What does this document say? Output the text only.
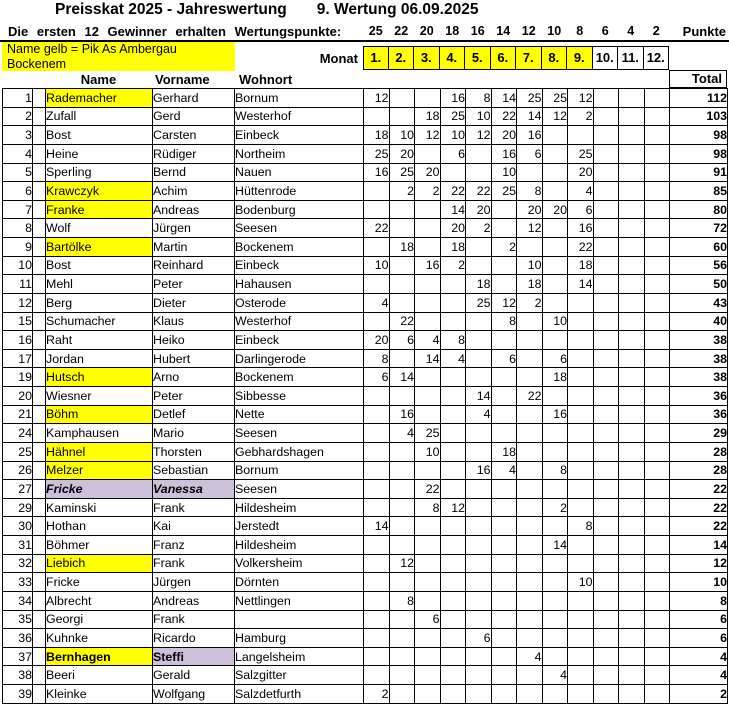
Preisskat 2025 - Jahreswertung 9. Wertung 06.09.2025
Die ersten 12 Gewinner erhalten Wertungspunkte:	25 22 20 18 16 14 12 10	8	6	4	2	Punkte
Name gelb = Pik As Ambergau
Bockenem	Monat 1.	2.	3.	4.	5.	6.	7.	8.	9. 10. 11. 12.
Name	Vorname Wohnort	Total
1		Rademacher	Gerhard	Bornum	12			16	8	14	25	25	12				112
2		Zufall	Gerd	Westerhof			18	25	10	22	14	12	2				103
3		Bost	Carsten	Einbeck	18	10	12	10	12	20	16						98
4		Heine	Rüdiger	Northeim	25	20		6		16	6		25				98
5		Sperling	Bernd	Nauen	16	25	20			10			20				91
6		Krawczyk	Achim	Hüttenrode		2	2	22	22	25	8		4				85
7		Franke	Andreas	Bodenburg				14	20		20	20	6				80
8		Wolf	Jürgen	Seesen	22			20	2		12		16				72
9		Bartölke	Martin	Bockenem		18		18		2			22				60
10		Bost	Reinhard	Einbeck	10		16	2			10		18				56
11		Mehl	Peter	Hahausen					18		18		14				50
12		Berg	Dieter	Osterode	4				25	12	2						43
15		Schumacher	Klaus	Westerhof		22				8		10					40
16		Raht	Heiko	Einbeck	20	6	4	8									38
17		Jordan	Hubert	Darlingerode	8		14	4		6		6					38
19		Hutsch	Arno	Bockenem	6	14						18					38
20		Wiesner	Peter	Sibbesse					14		22						36
21		Böhm	Detlef	Nette		16			4			16					36
24		Kamphausen	Mario	Seesen		4	25										29
25		Hähnel	Thorsten	Gebhardshagen			10			18							28
26		Melzer	Sebastian	Bornum					16	4		8					28
27		Fricke	Vanessa	Seesen			22										22
29		Kaminski	Frank	Hildesheim			8	12				2					22
30		Hothan	Kai	Jerstedt	14								8				22
31		Böhmer	Franz	Hildesheim								14					14
32		Liebich	Frank	Volkersheim		12											12
33		Fricke	Jürgen	Dörnten									10				10
34		Albrecht	Andreas	Nettlingen		8											8
35		Georgi	Frank				6										6
36		Kuhnke	Ricardo	Hamburg					6								6
37		Bernhagen	Steffi	Langelsheim							4						4
38		Beeri	Gerald	Salzgitter								4					4
39		Kleinke	Wolfgang	Salzdetfurth	2												2
